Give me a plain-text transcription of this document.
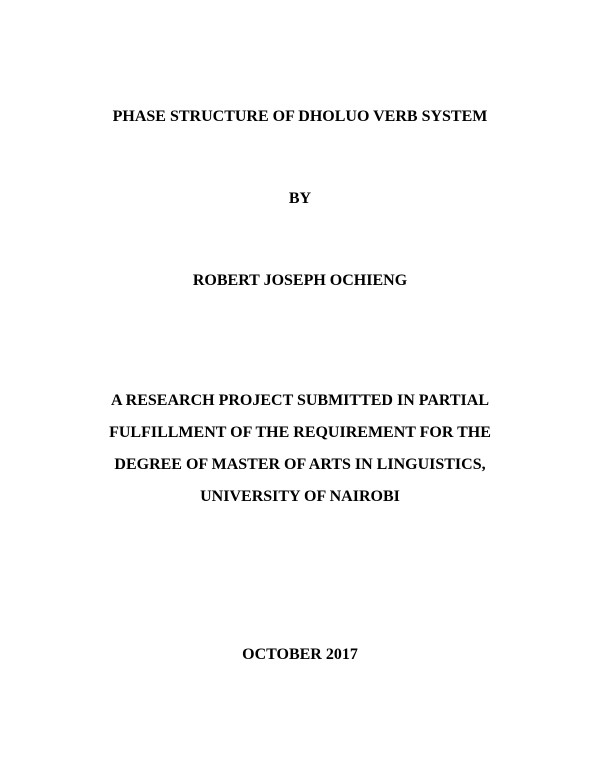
PHASE STRUCTURE OF DHOLUO VERB SYSTEM
BY
ROBERT JOSEPH OCHIENG
A RESEARCH PROJECT SUBMITTED IN PARTIAL
FULFILLMENT OF THE REQUIREMENT FOR THE
DEGREE OF MASTER OF ARTS IN LINGUISTICS,
UNIVERSITY OF NAIROBI
OCTOBER 2017
